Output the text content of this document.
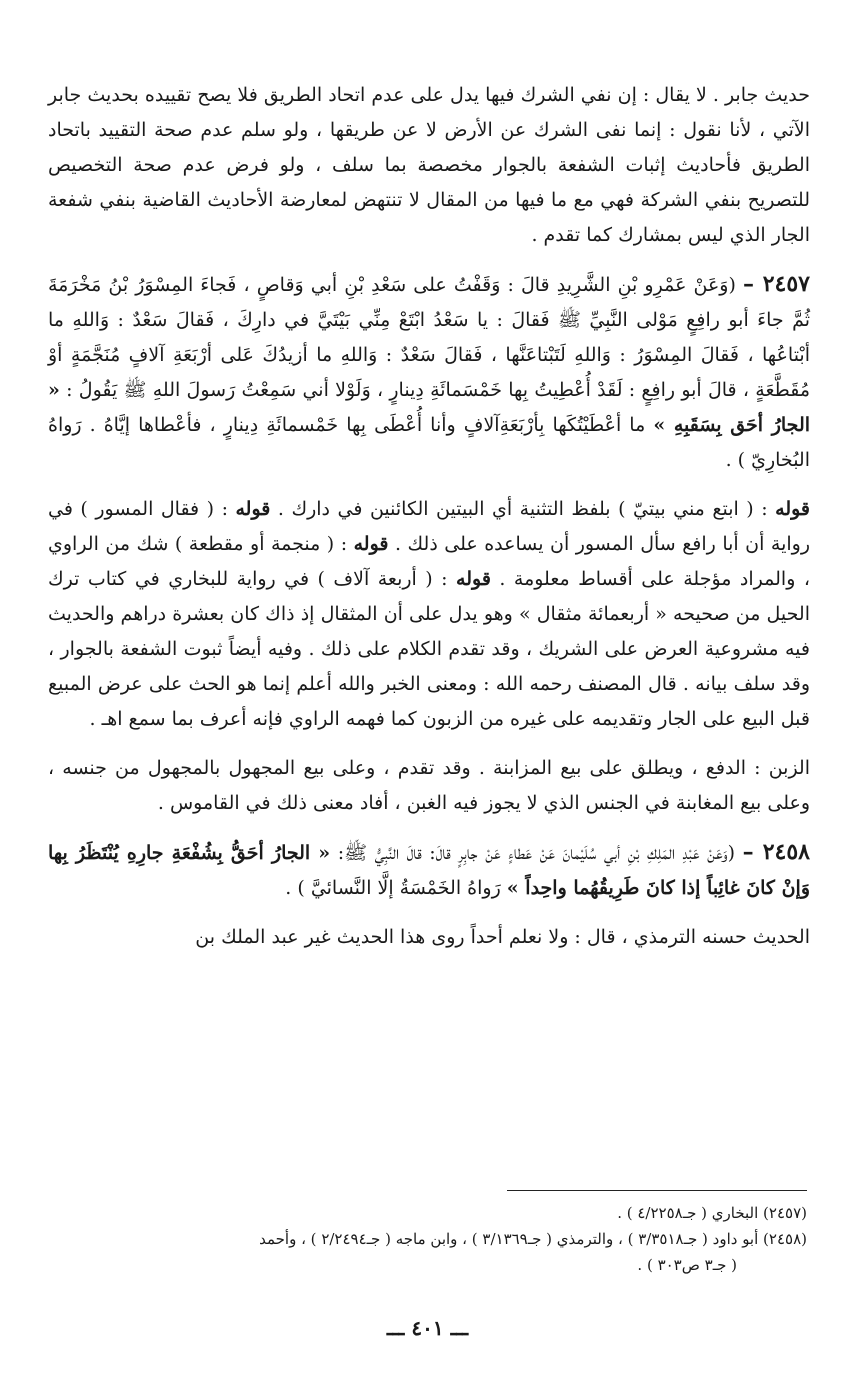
حديث جابر . لا يقال : إن نفي الشرك فيها يدل على عدم اتحاد الطريق فلا يصح تقييده بحديث جابر الآتي ، لأنا نقول : إنما نفى الشرك عن الأرض لا عن طريقها ، ولو سلم عدم صحة التقييد باتحاد الطريق فأحاديث إثبات الشفعة بالجوار مخصصة بما سلف ، ولو فرض عدم صحة التخصيص للتصريح بنفي الشركة فهي مع ما فيها من المقال لا تنتهض لمعارضة الأحاديث القاضية بنفي شفعة الجار الذي ليس بمشارك كما تقدم .

٢٤٥٧ – (وَعَنْ عَمْرِو بْنِ الشَّرِيدِ قالَ : وَقَفْتُ على سَعْدِ بْنِ أبي وَقاصٍ ، فَجاءَ المِسْوَرُ بْنُ مَخْرَمَةَ ثُمَّ جاءَ أبو رافِعٍ مَوْلى النَّبِيِّ ﷺ فَقالَ : يا سَعْدُ ابْتَعْ مِنِّي بَيْتَيَّ في دارِكَ ، فَقالَ سَعْدٌ : وَاللهِ ما أبْتاعُها ، فَقالَ المِسْوَرُ : وَاللهِ لَتَبْتاعَنَّها ، فَقالَ سَعْدٌ : وَاللهِ ما أزيدُكَ عَلى أرْبَعَةِ آلافٍ مُنَجَّمَةٍ أوْ مُقَطَّعَةٍ ، قالَ أبو رافِعٍ : لَقَدْ أُعْطِيتُ بِها خَمْسَمائَةِ دِينارٍ ، وَلَوْلا أني سَمِعْتُ رَسولَ اللهِ ﷺ يَقُولُ : « الجارُ أحَق بِسَقَبِهِ » ما أعْطَيْتُكَها بِأرْبَعَةِآلافٍ وأنا أُعْطَى بِها خَمْسمائَةِ دِينارٍ ، فأعْطاها إيَّاهُ . رَواهُ البُخارِيّ ) .

قوله : ( ابتع مني بيتيّ ) بلفظ التثنية أي البيتين الكائنين في دارك . قوله : ( فقال المسور ) في رواية أن أبا رافع سأل المسور أن يساعده على ذلك . قوله : ( منجمة أو مقطعة ) شك من الراوي ، والمراد مؤجلة على أقساط معلومة . قوله : ( أربعة آلاف ) في رواية للبخاري في كتاب ترك الحيل من صحيحه « أربعمائة مثقال » وهو يدل على أن المثقال إذ ذاك كان بعشرة دراهم والحديث فيه مشروعية العرض على الشريك ، وقد تقدم الكلام على ذلك . وفيه أيضاً ثبوت الشفعة بالجوار ، وقد سلف بيانه . قال المصنف رحمه الله : ومعنى الخبر والله أعلم إنما هو الحث على عرض المبيع قبل البيع على الجار وتقديمه على غيره من الزبون كما فهمه الراوي فإنه أعرف بما سمع اهـ .

الزبن : الدفع ، ويطلق على بيع المزابنة . وقد تقدم ، وعلى بيع المجهول بالمجهول من جنسه ، وعلى بيع المغابنة في الجنس الذي لا يجوز فيه الغبن ، أفاد معنى ذلك في القاموس .

٢٤٥٨ – (وَعَنْ عَبْدِ المَلِكِ بْنِ أبي سُلَيْمانَ عَنْ عَطاءٍ عَنْ جابِرٍ قالَ: قالَ النَّبِيُّ ﷺ: « الجارُ أحَقُّ بِشُفْعَةِ جارِهِ يُنْتَظَرُ بِها وَإنْ كانَ غائِباً إذا كانَ طَرِيقُهُما واحِداً » رَواهُ الخَمْسَةُ إلَّا النَّسائيَّ ) .

الحديث حسنه الترمذي ، قال : ولا نعلم أحداً روى هذا الحديث غير عبد الملك بن

(٢٤٥٧) البخاري ( جـ٤/٢٢٥٨ ) .

(٢٤٥٨) أبو داود ( جـ٣/٣٥١٨ ) ، والترمذي ( جـ٣/١٣٦٩ ) ، وابن ماجه ( جـ٢/٢٤٩٤ ) ، وأحمد

( جـ٣ ص٣٠٣ ) .

ـــ ٤٠١ ـــ
